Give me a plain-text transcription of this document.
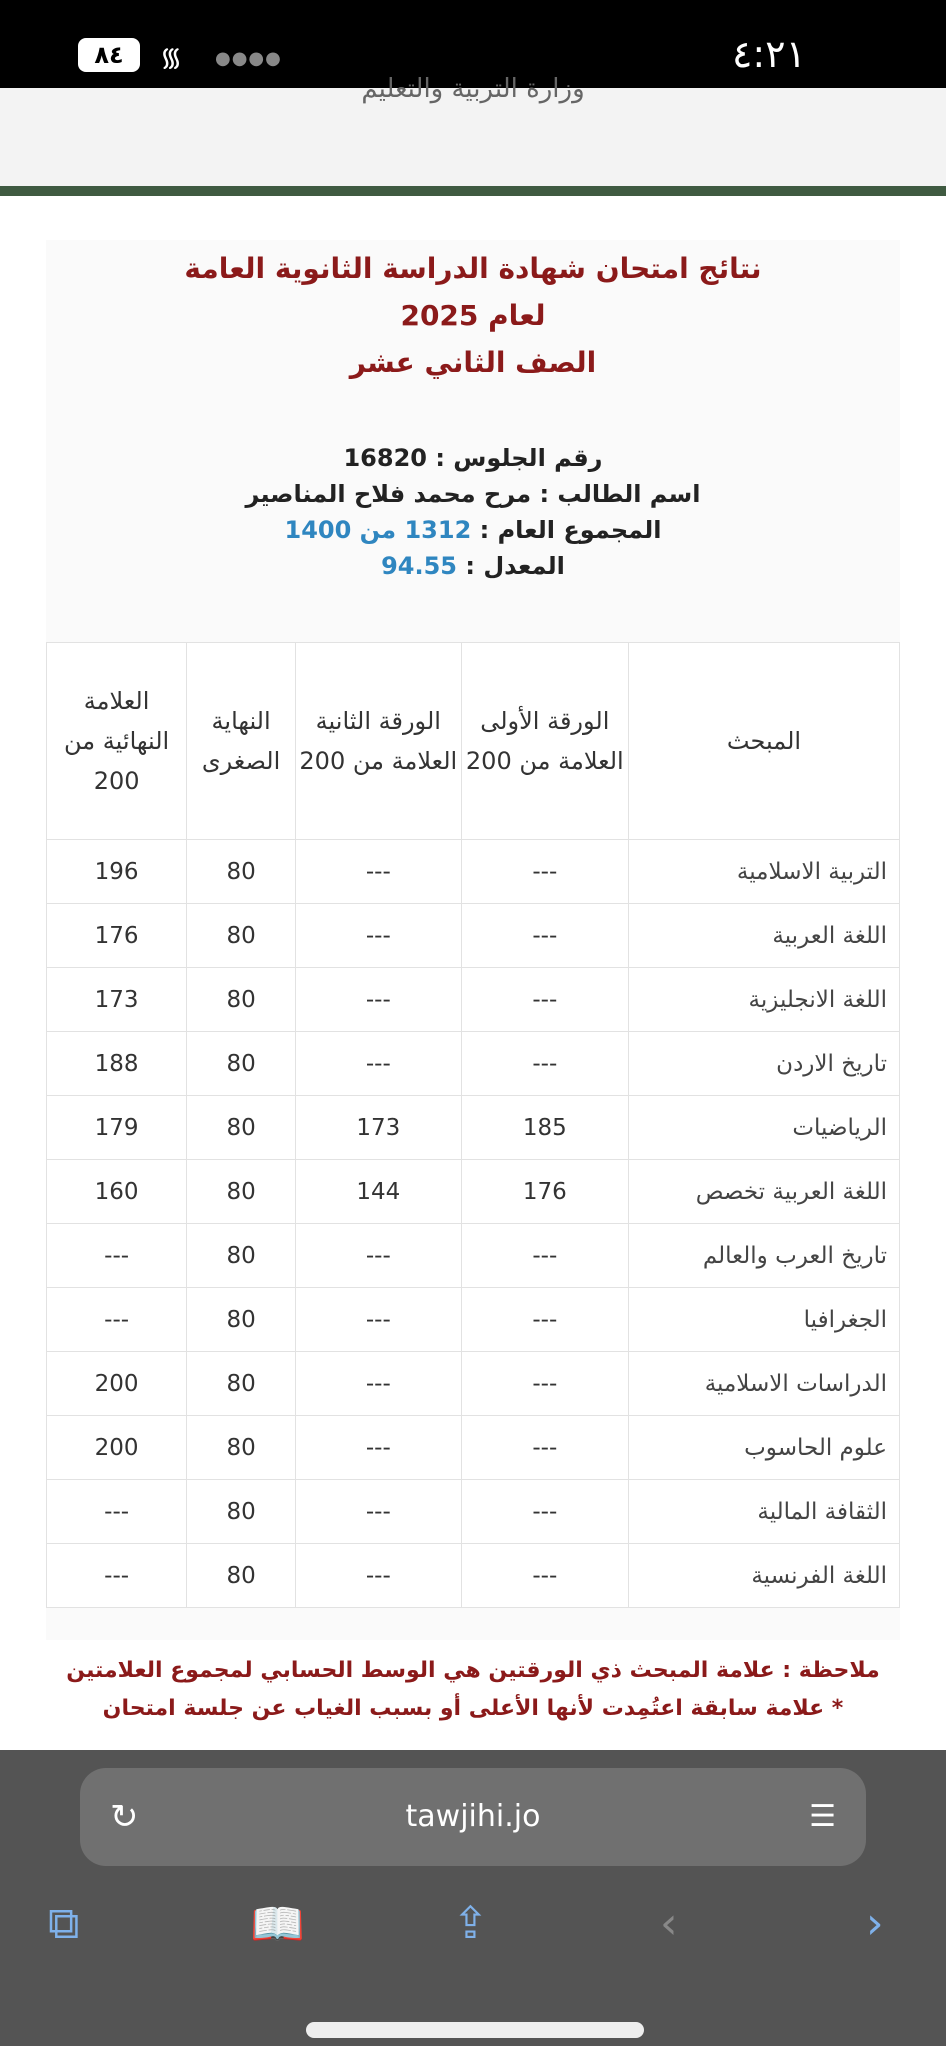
٨٤	᯾ ●●●●	٤:٢١
وزارة التربية والتعليم
نتائج امتحان شهادة الدراسة الثانوية العامة
لعام 2025
الصف الثاني عشر
رقم الجلوس : 16820
اسم الطالب : مرح محمد فلاح المناصير
المجموع العام : 1312 من 1400
المعدل : 94.55
المبحث	الورقة الأولى العلامة من 200	الورقة الثانية العلامة من 200	النهاية الصغرى	العلامة النهائية من 200
التربية الاسلامية	---	---	80	196
اللغة العربية	---	---	80	176
اللغة الانجليزية	---	---	80	173
تاريخ الاردن	---	---	80	188
الرياضيات	185	173	80	179
اللغة العربية تخصص	176	144	80	160
تاريخ العرب والعالم	---	---	80	---
الجغرافيا	---	---	80	---
الدراسات الاسلامية	---	---	80	200
علوم الحاسوب	---	---	80	200
الثقافة المالية	---	---	80	---
اللغة الفرنسية	---	---	80	---
ملاحظة : علامة المبحث ذي الورقتين هي الوسط الحسابي لمجموع العلامتين
* علامة سابقة اعتُمِدت لأنها الأعلى أو بسبب الغياب عن جلسة امتحان
↻	tawjihi.jo	☰
⧉	📖	⇪	‹	›
